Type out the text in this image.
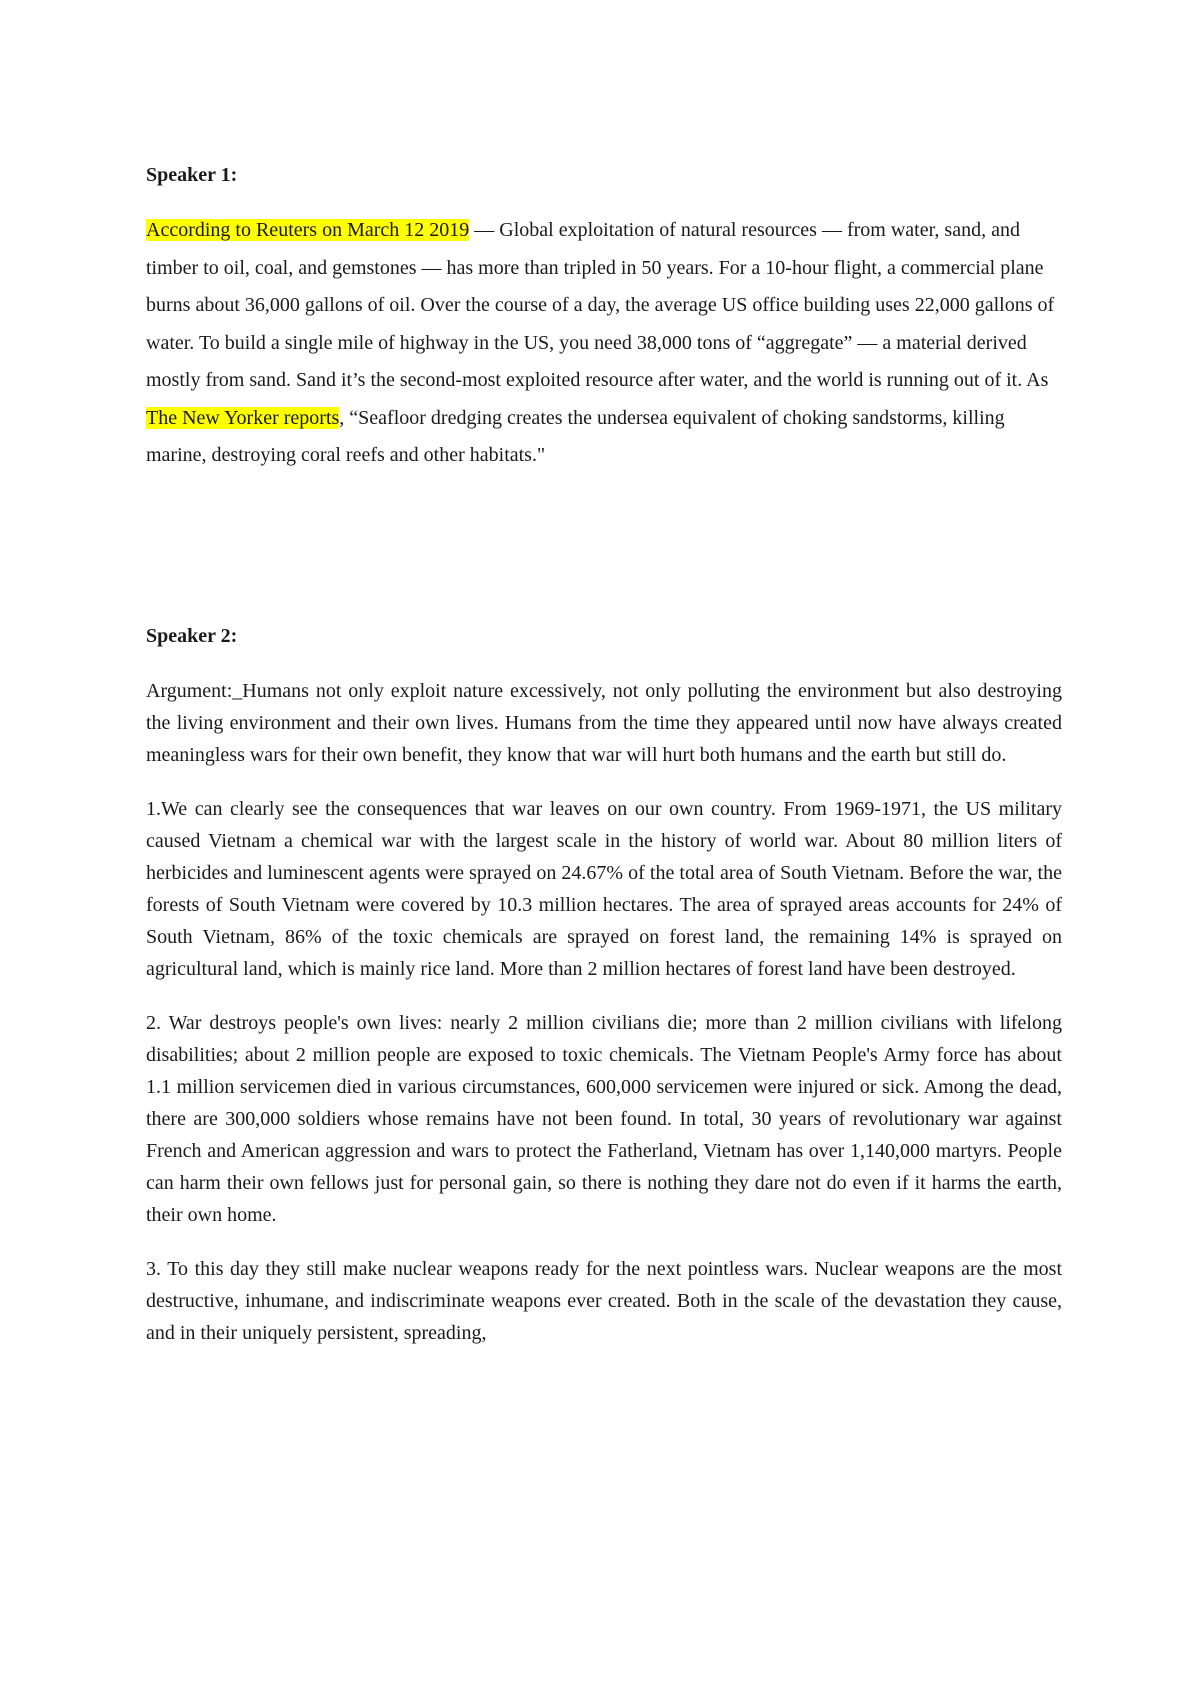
Speaker 1:

According to Reuters on March 12 2019 — Global exploitation of natural resources — from water, sand, and timber to oil, coal, and gemstones — has more than tripled in 50 years. For a 10-hour flight, a commercial plane burns about 36,000 gallons of oil. Over the course of a day, the average US office building uses 22,000 gallons of water. To build a single mile of highway in the US, you need 38,000 tons of “aggregate” — a material derived mostly from sand. Sand it’s the second-most exploited resource after water, and the world is running out of it. As The New Yorker reports, “Seafloor dredging creates the undersea equivalent of choking sandstorms, killing marine, destroying coral reefs and other habitats."

Speaker 2:

Argument:_Humans not only exploit nature excessively, not only polluting the environment but also destroying the living environment and their own lives. Humans from the time they appeared until now have always created meaningless wars for their own benefit, they know that war will hurt both humans and the earth but still do.

1.We can clearly see the consequences that war leaves on our own country. From 1969-1971, the US military caused Vietnam a chemical war with the largest scale in the history of world war. About 80 million liters of herbicides and luminescent agents were sprayed on 24.67% of the total area of South Vietnam. Before the war, the forests of South Vietnam were covered by 10.3 million hectares. The area of sprayed areas accounts for 24% of South Vietnam, 86% of the toxic chemicals are sprayed on forest land, the remaining 14% is sprayed on agricultural land, which is mainly rice land. More than 2 million hectares of forest land have been destroyed.

2. War destroys people's own lives: nearly 2 million civilians die; more than 2 million civilians with lifelong disabilities; about 2 million people are exposed to toxic chemicals. The Vietnam People's Army force has about 1.1 million servicemen died in various circumstances, 600,000 servicemen were injured or sick. Among the dead, there are 300,000 soldiers whose remains have not been found. In total, 30 years of revolutionary war against French and American aggression and wars to protect the Fatherland, Vietnam has over 1,140,000 martyrs. People can harm their own fellows just for personal gain, so there is nothing they dare not do even if it harms the earth, their own home.

3. To this day they still make nuclear weapons ready for the next pointless wars. Nuclear weapons are the most destructive, inhumane, and indiscriminate weapons ever created. Both in the scale of the devastation they cause, and in their uniquely persistent, spreading,
